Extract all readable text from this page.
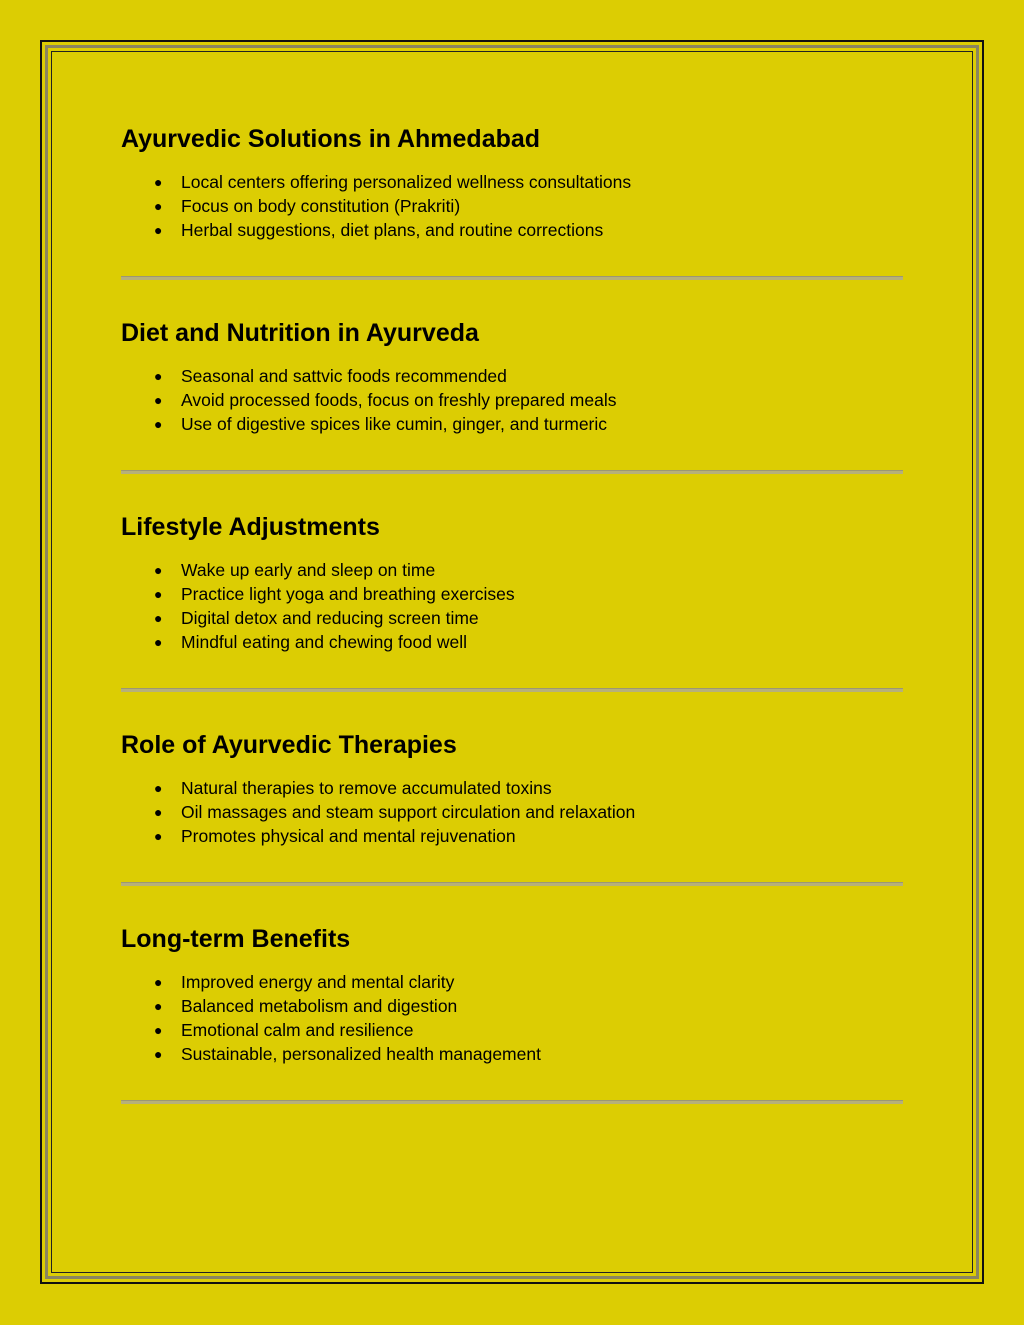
Ayurvedic Solutions in Ahmedabad
● Local centers offering personalized wellness consultations
● Focus on body constitution (Prakriti)
● Herbal suggestions, diet plans, and routine corrections
Diet and Nutrition in Ayurveda
● Seasonal and sattvic foods recommended
● Avoid processed foods, focus on freshly prepared meals
● Use of digestive spices like cumin, ginger, and turmeric
Lifestyle Adjustments
● Wake up early and sleep on time
● Practice light yoga and breathing exercises
● Digital detox and reducing screen time
● Mindful eating and chewing food well
Role of Ayurvedic Therapies
● Natural therapies to remove accumulated toxins
● Oil massages and steam support circulation and relaxation
● Promotes physical and mental rejuvenation
Long-term Benefits
● Improved energy and mental clarity
● Balanced metabolism and digestion
● Emotional calm and resilience
● Sustainable, personalized health management
